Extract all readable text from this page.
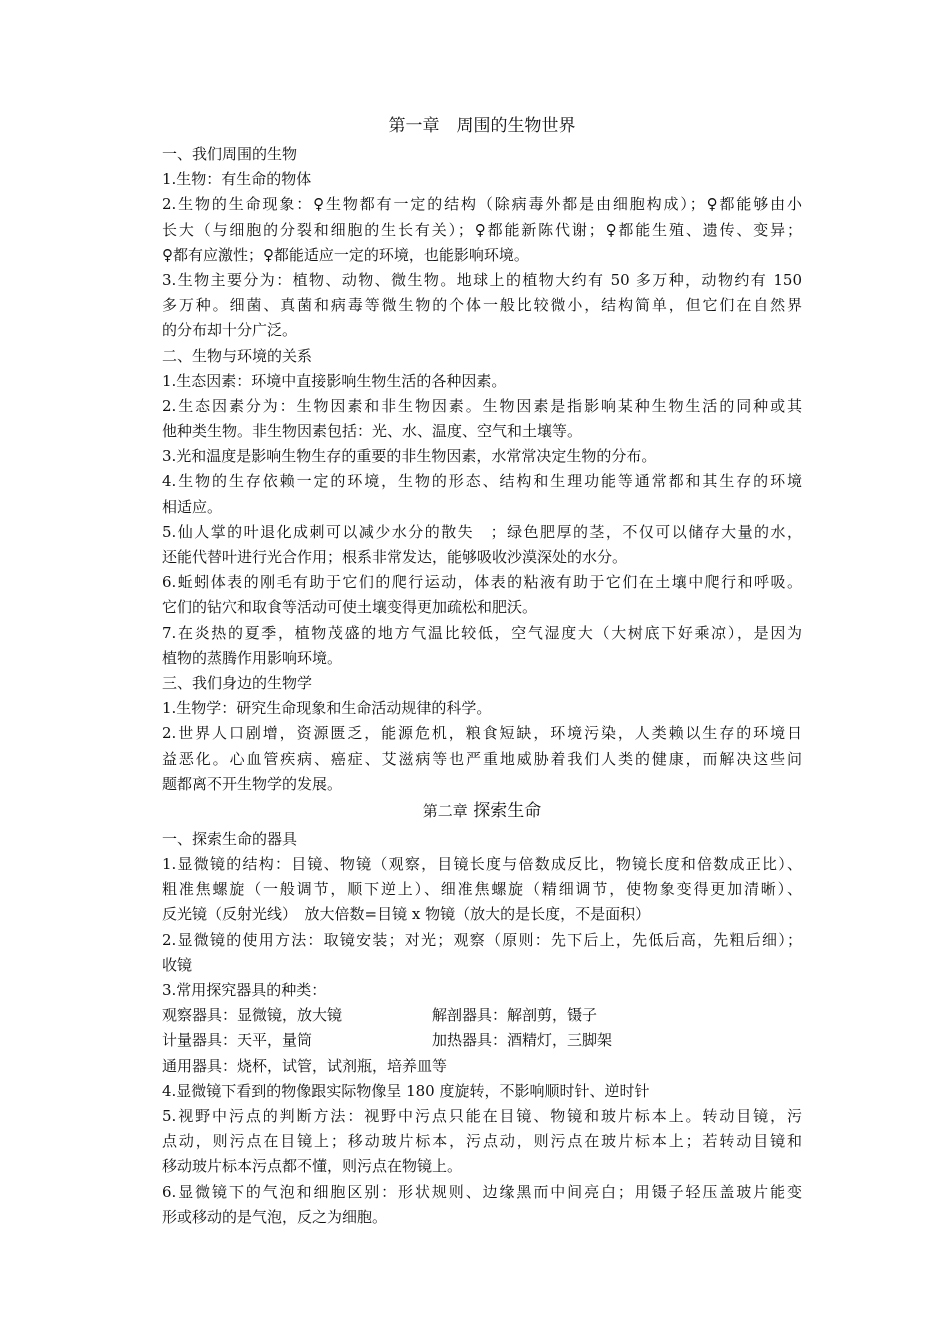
第一章　周围的生物世界
一、我们周围的生物
1.生物：有生命的物体
2.生物的生命现象：♀生物都有一定的结构（除病毒外都是由细胞构成）；♀都能够由小
长大（与细胞的分裂和细胞的生长有关）；♀都能新陈代谢；♀都能生殖、遗传、变异；
♀都有应激性；♀都能适应一定的环境，也能影响环境。
3.生物主要分为：植物、动物、微生物。地球上的植物大约有 50 多万种，动物约有 150
多万种。细菌、真菌和病毒等微生物的个体一般比较微小，结构简单，但它们在自然界
的分布却十分广泛。
二、生物与环境的关系
1.生态因素：环境中直接影响生物生活的各种因素。
2.生态因素分为：生物因素和非生物因素。生物因素是指影响某种生物生活的同种或其
他种类生物。非生物因素包括：光、水、温度、空气和土壤等。
3.光和温度是影响生物生存的重要的非生物因素，水常常决定生物的分布。
4.生物的生存依赖一定的环境，生物的形态、结构和生理功能等通常都和其生存的环境
相适应。
5.仙人掌的叶退化成刺可以减少水分的散失　；绿色肥厚的茎，不仅可以储存大量的水，
还能代替叶进行光合作用；根系非常发达，能够吸收沙漠深处的水分。
6.蚯蚓体表的刚毛有助于它们的爬行运动，体表的粘液有助于它们在土壤中爬行和呼吸。
它们的钻穴和取食等活动可使土壤变得更加疏松和肥沃。
7.在炎热的夏季，植物茂盛的地方气温比较低，空气湿度大（大树底下好乘凉），是因为
植物的蒸腾作用影响环境。
三、我们身边的生物学
1.生物学：研究生命现象和生命活动规律的科学。
2.世界人口剧增，资源匮乏，能源危机，粮食短缺，环境污染，人类赖以生存的环境日
益恶化。心血管疾病、癌症、艾滋病等也严重地威胁着我们人类的健康，而解决这些问
题都离不开生物学的发展。
第二章 探索生命
一、探索生命的器具
1.显微镜的结构：目镜、物镜（观察，目镜长度与倍数成反比，物镜长度和倍数成正比）、
粗准焦螺旋（一般调节，顺下逆上）、细准焦螺旋（精细调节，使物象变得更加清晰）、
反光镜（反射光线）　放大倍数=目镜 x 物镜（放大的是长度，不是面积）
2.显微镜的使用方法：取镜安装；对光；观察（原则：先下后上，先低后高，先粗后细）；
收镜
3.常用探究器具的种类：
观察器具：显微镜，放大镜	解剖器具：解剖剪，镊子
计量器具：天平，量筒	加热器具：酒精灯，三脚架
通用器具：烧杯，试管，试剂瓶，培养皿等
4.显微镜下看到的物像跟实际物像呈 180 度旋转，不影响顺时针、逆时针
5.视野中污点的判断方法：视野中污点只能在目镜、物镜和玻片标本上。转动目镜，污
点动，则污点在目镜上；移动玻片标本，污点动，则污点在玻片标本上；若转动目镜和
移动玻片标本污点都不懂，则污点在物镜上。
6.显微镜下的气泡和细胞区别：形状规则、边缘黑而中间亮白；用镊子轻压盖玻片能变
形或移动的是气泡，反之为细胞。
